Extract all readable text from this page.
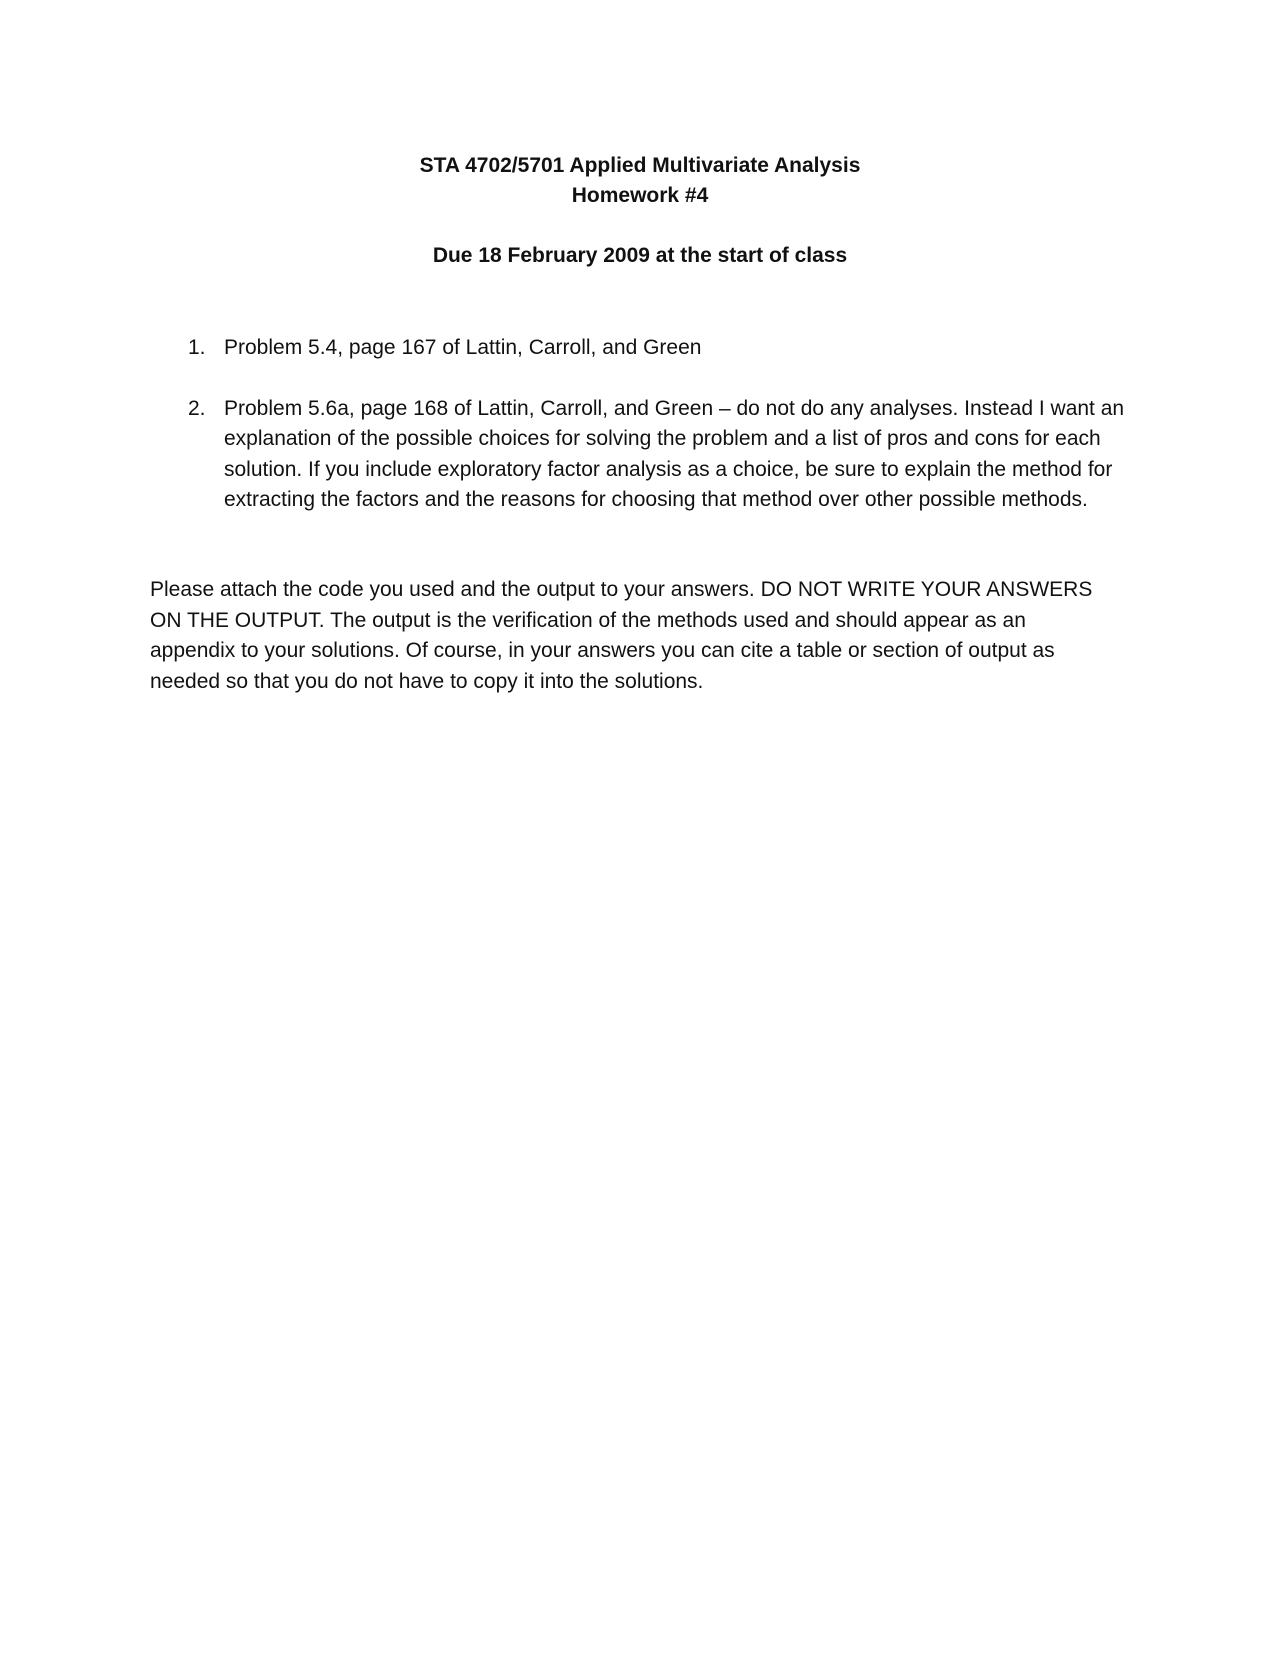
STA 4702/5701 Applied Multivariate Analysis
Homework #4
Due 18 February 2009 at the start of class
1. Problem 5.4, page 167 of Lattin, Carroll, and Green
2. Problem 5.6a, page 168 of Lattin, Carroll, and Green – do not do any analyses. Instead I want an explanation of the possible choices for solving the problem and a list of pros and cons for each solution. If you include exploratory factor analysis as a choice, be sure to explain the method for extracting the factors and the reasons for choosing that method over other possible methods.

Please attach the code you used and the output to your answers. DO NOT WRITE YOUR ANSWERS ON THE OUTPUT. The output is the verification of the methods used and should appear as an appendix to your solutions. Of course, in your answers you can cite a table or section of output as needed so that you do not have to copy it into the solutions.
